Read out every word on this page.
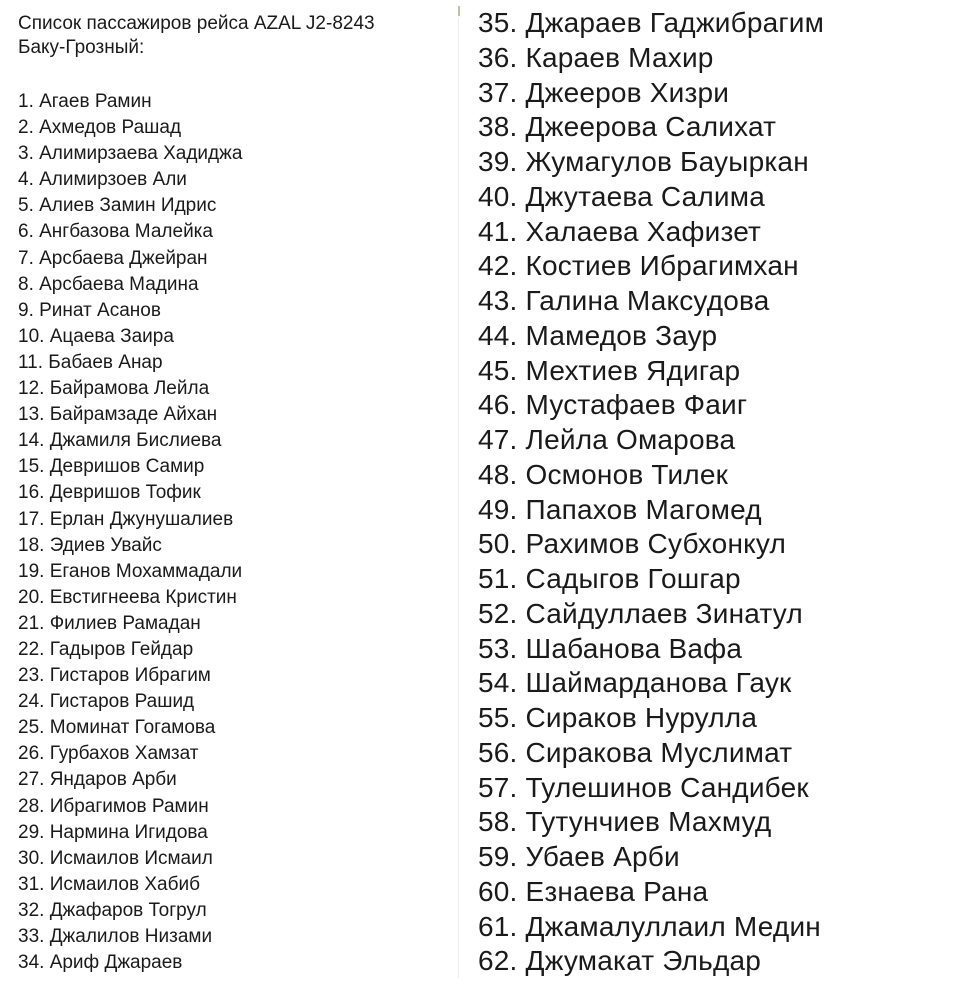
Список пассажиров рейса AZAL J2-8243
Баку-Грозный:
1. Агаев Рамин
2. Ахмедов Рашад
3. Алимирзаева Хадиджа
4. Алимирзоев Али
5. Алиев Замин Идрис
6. Ангбазова Малейка
7. Арсбаева Джейран
8. Арсбаева Мадина
9. Ринат Асанов
10. Ацаева Заира
11. Бабаев Анар
12. Байрамова Лейла
13. Байрамзаде Айхан
14. Джамиля Бислиева
15. Девришов Самир
16. Девришов Тофик
17. Ерлан Джунушалиев
18. Эдиев Увайс
19. Еганов Мохаммадали
20. Евстигнеева Кристин
21. Филиев Рамадан
22. Гадыров Гейдар
23. Гистаров Ибрагим
24. Гистаров Рашид
25. Моминат Гогамова
26. Гурбахов Хамзат
27. Яндаров Арби
28. Ибрагимов Рамин
29. Нармина Игидова
30. Исмаилов Исмаил
31. Исмаилов Хабиб
32. Джафаров Тогрул
33. Джалилов Низами
34. Ариф Джараев
35. Джараев Гаджибрагим
36. Караев Махир
37. Джееров Хизри
38. Джеерова Салихат
39. Жумагулов Бауыркан
40. Джутаева Салима
41. Халаева Хафизет
42. Костиев Ибрагимхан
43. Галина Максудова
44. Мамедов Заур
45. Мехтиев Ядигар
46. Мустафаев Фаиг
47. Лейла Омарова
48. Осмонов Тилек
49. Папахов Магомед
50. Рахимов Субхонкул
51. Садыгов Гошгар
52. Сайдуллаев Зинатул
53. Шабанова Вафа
54. Шаймарданова Гаук
55. Сираков Нурулла
56. Сиракова Муслимат
57. Тулешинов Сандибек
58. Тутунчиев Махмуд
59. Убаев Арби
60. Езнаева Рана
61. Джамалуллаил Медин
62. Джумакат Эльдар
